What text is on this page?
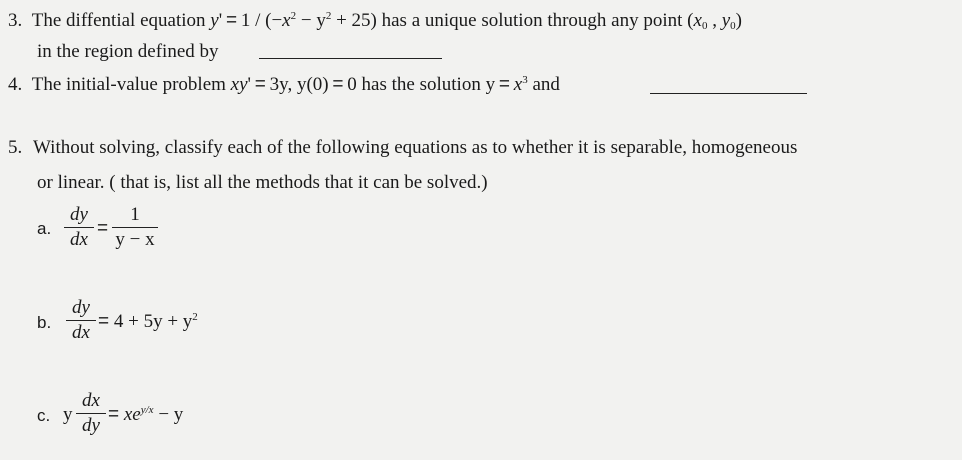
3.  The diffential equation $y' = 1 / (-x^2 - y^2 + 25)$ has a unique solution through any point ($x_0$ , $y_0$)
in the region defined by
4.  The initial-value problem xy' = 3y, y(0) = 0 has the solution $y = x^3$ and
5. Without solving, classify each of the following equations as to whether it is separable, homogeneous
or linear. ( that is, list all the methods that it can be solved.)
a.
dy
dx
=
1
y − x
b.
dy
dx
= $4 + 5y + y^2$
c. y
dx
dy
= $xe^{y/x} - y$
